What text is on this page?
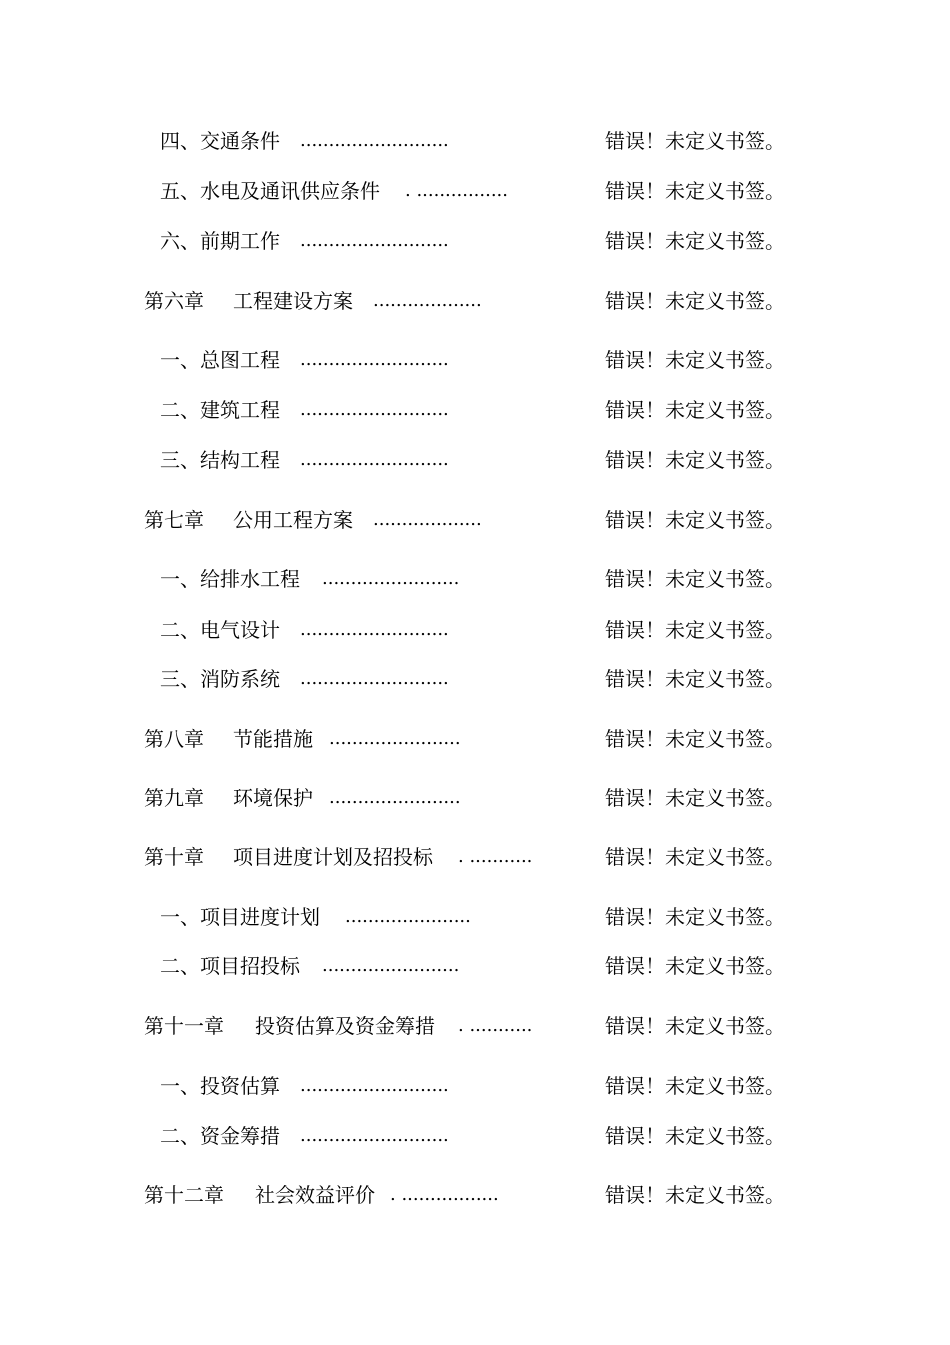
四、 交通条件 ..........................	错误！未定义书签。
五、 水电及通讯供应条件 . ................	错误！未定义书签。
六、 前期工作 ..........................	错误！未定义书签。
第六章 工程建设方案 ...................	错误！未定义书签。
一、 总图工程 ..........................	错误！未定义书签。
二、 建筑工程 ..........................	错误！未定义书签。
三、 结构工程 ..........................	错误！未定义书签。
第七章 公用工程方案 ...................	错误！未定义书签。
一、 给排水工程 ........................	错误！未定义书签。
二、 电气设计 ..........................	错误！未定义书签。
三、 消防系统 ..........................	错误！未定义书签。
第八章 节能措施 .......................	错误！未定义书签。
第九章 环境保护 .......................	错误！未定义书签。
第十章 项目进度计划及招投标 . ...........	错误！未定义书签。
一、 项目进度计划 ......................	错误！未定义书签。
二、 项目招投标 ........................	错误！未定义书签。
第十一章 投资估算及资金筹措 . ...........	错误！未定义书签。
一、 投资估算 ..........................	错误！未定义书签。
二、 资金筹措 ..........................	错误！未定义书签。
第十二章 社会效益评价 . .................	错误！未定义书签。
